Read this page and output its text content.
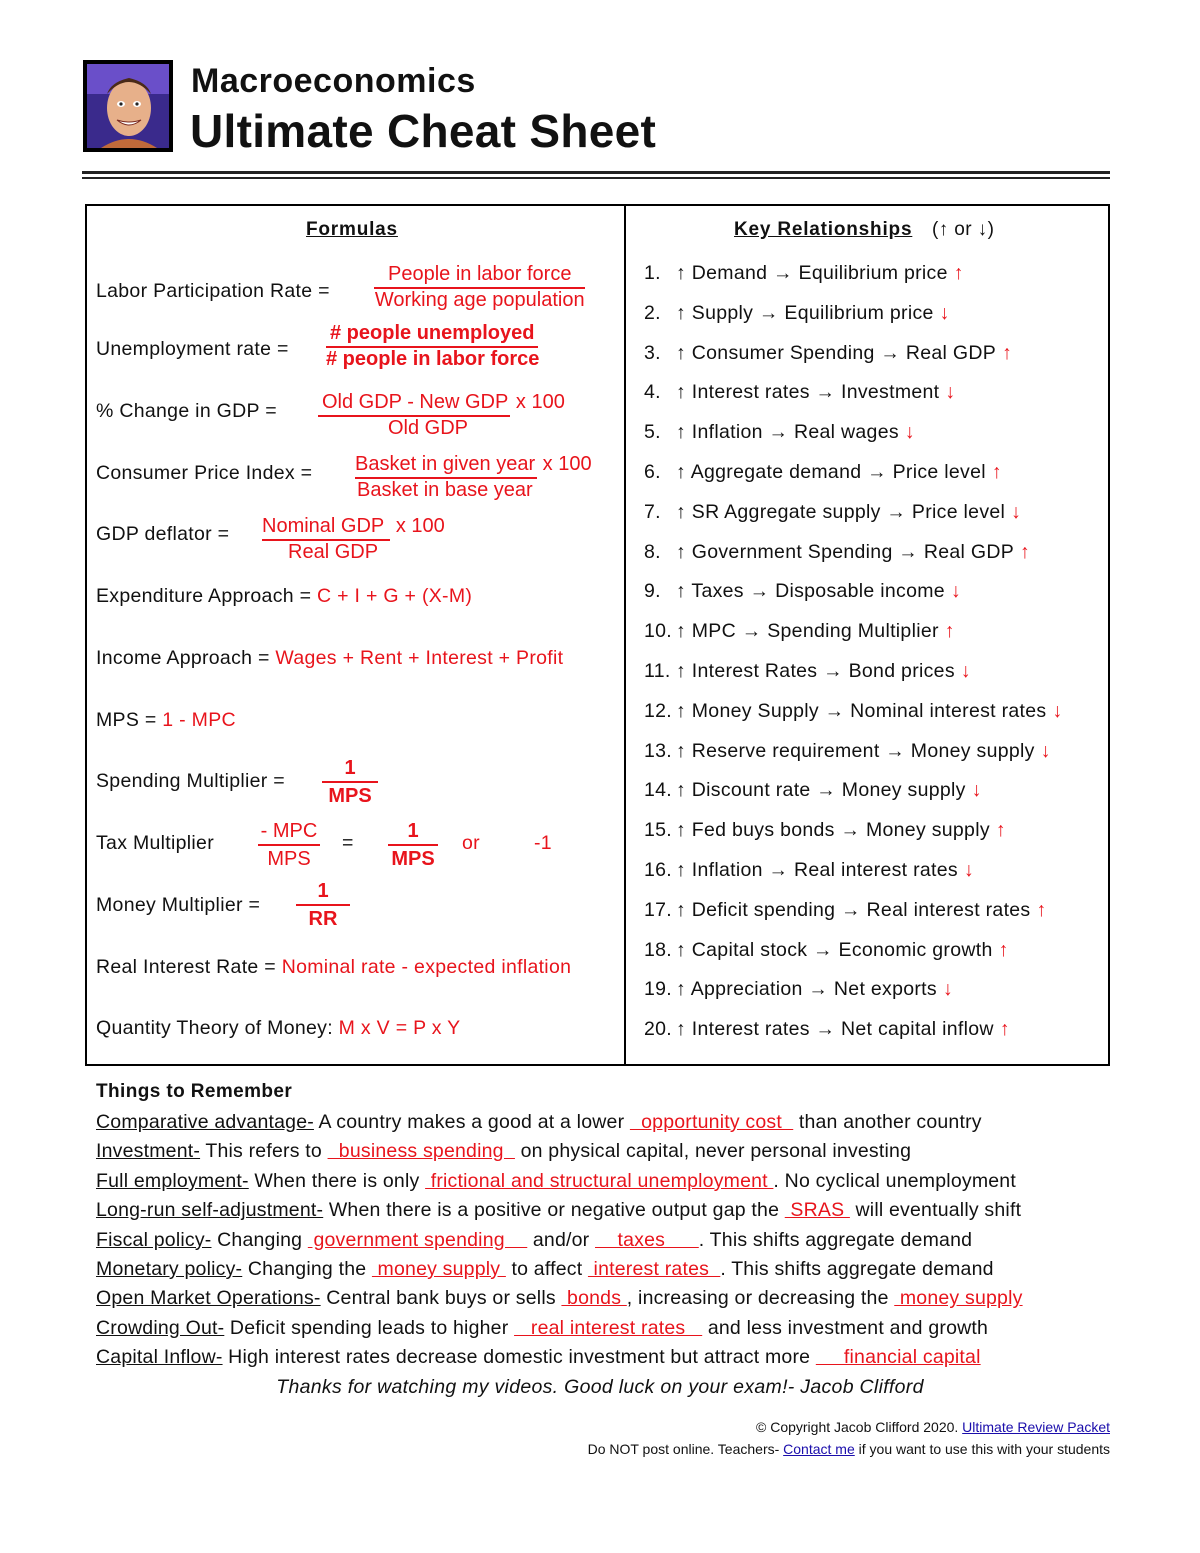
Macroeconomics
Ultimate Cheat Sheet
Formulas
Labor Participation Rate =
People in labor force
Working age population
Unemployment rate =
# people unemployed
# people in labor force
% Change in GDP = Old GDP - New GDP x 100
Old GDP
Consumer Price Index = Basket in given year x 100
Basket in base year
GDP deflator = Nominal GDP x 100
Real GDP
Expenditure Approach = C + I + G + (X-M)
Income Approach = Wages + Rent + Interest + Profit
MPS = 1 - MPC
Spending Multiplier =
1
MPS
Tax Multiplier
- MPC
MPS
=
1
MPS
or	-1
Money Multiplier =
1
RR
Real Interest Rate = Nominal rate - expected inflation
Quantity Theory of Money: M x V = P x Y
Key Relationships (↑ or ↓)
1. ↑ Demand → Equilibrium price ↑
2. ↑ Supply → Equilibrium price ↓
3. ↑ Consumer Spending → Real GDP ↑
4. ↑ Interest rates → Investment ↓
5. ↑ Inflation → Real wages ↓
6. ↑ Aggregate demand → Price level ↑
7. ↑ SR Aggregate supply → Price level ↓
8. ↑ Government Spending → Real GDP ↑
9. ↑ Taxes → Disposable income ↓
10. ↑ MPC → Spending Multiplier ↑
11. ↑ Interest Rates → Bond prices ↓
12. ↑ Money Supply → Nominal interest rates ↓
13. ↑ Reserve requirement → Money supply ↓
14. ↑ Discount rate → Money supply ↓
15. ↑ Fed buys bonds → Money supply ↑
16. ↑ Inflation → Real interest rates ↓
17. ↑ Deficit spending → Real interest rates ↑
18. ↑ Capital stock → Economic growth ↑
19. ↑ Appreciation → Net exports ↓
20. ↑ Interest rates → Net capital inflow ↑
Things to Remember
Comparative advantage- A country makes a good at a lower   opportunity cost   than another country
Investment- This refers to   business spending   on physical capital, never personal investing
Full employment- When there is only  frictional and structural unemployment . No cyclical unemployment
Long-run self-adjustment- When there is a positive or negative output gap the  SRAS  will eventually shift
Fiscal policy- Changing  government spending     and/or     taxes      . This shifts aggregate demand
Monetary policy- Changing the  money supply  to affect  interest rates  . This shifts aggregate demand
Open Market Operations- Central bank buys or sells  bonds , increasing or decreasing the  money supply
Crowding Out- Deficit spending leads to higher    real interest rates    and less investment and growth
Capital Inflow- High interest rates decrease domestic investment but attract more      financial capital
Thanks for watching my videos. Good luck on your exam!- Jacob Clifford
© Copyright Jacob Clifford 2020. Ultimate Review Packet
Do NOT post online. Teachers- Contact me if you want to use this with your students
